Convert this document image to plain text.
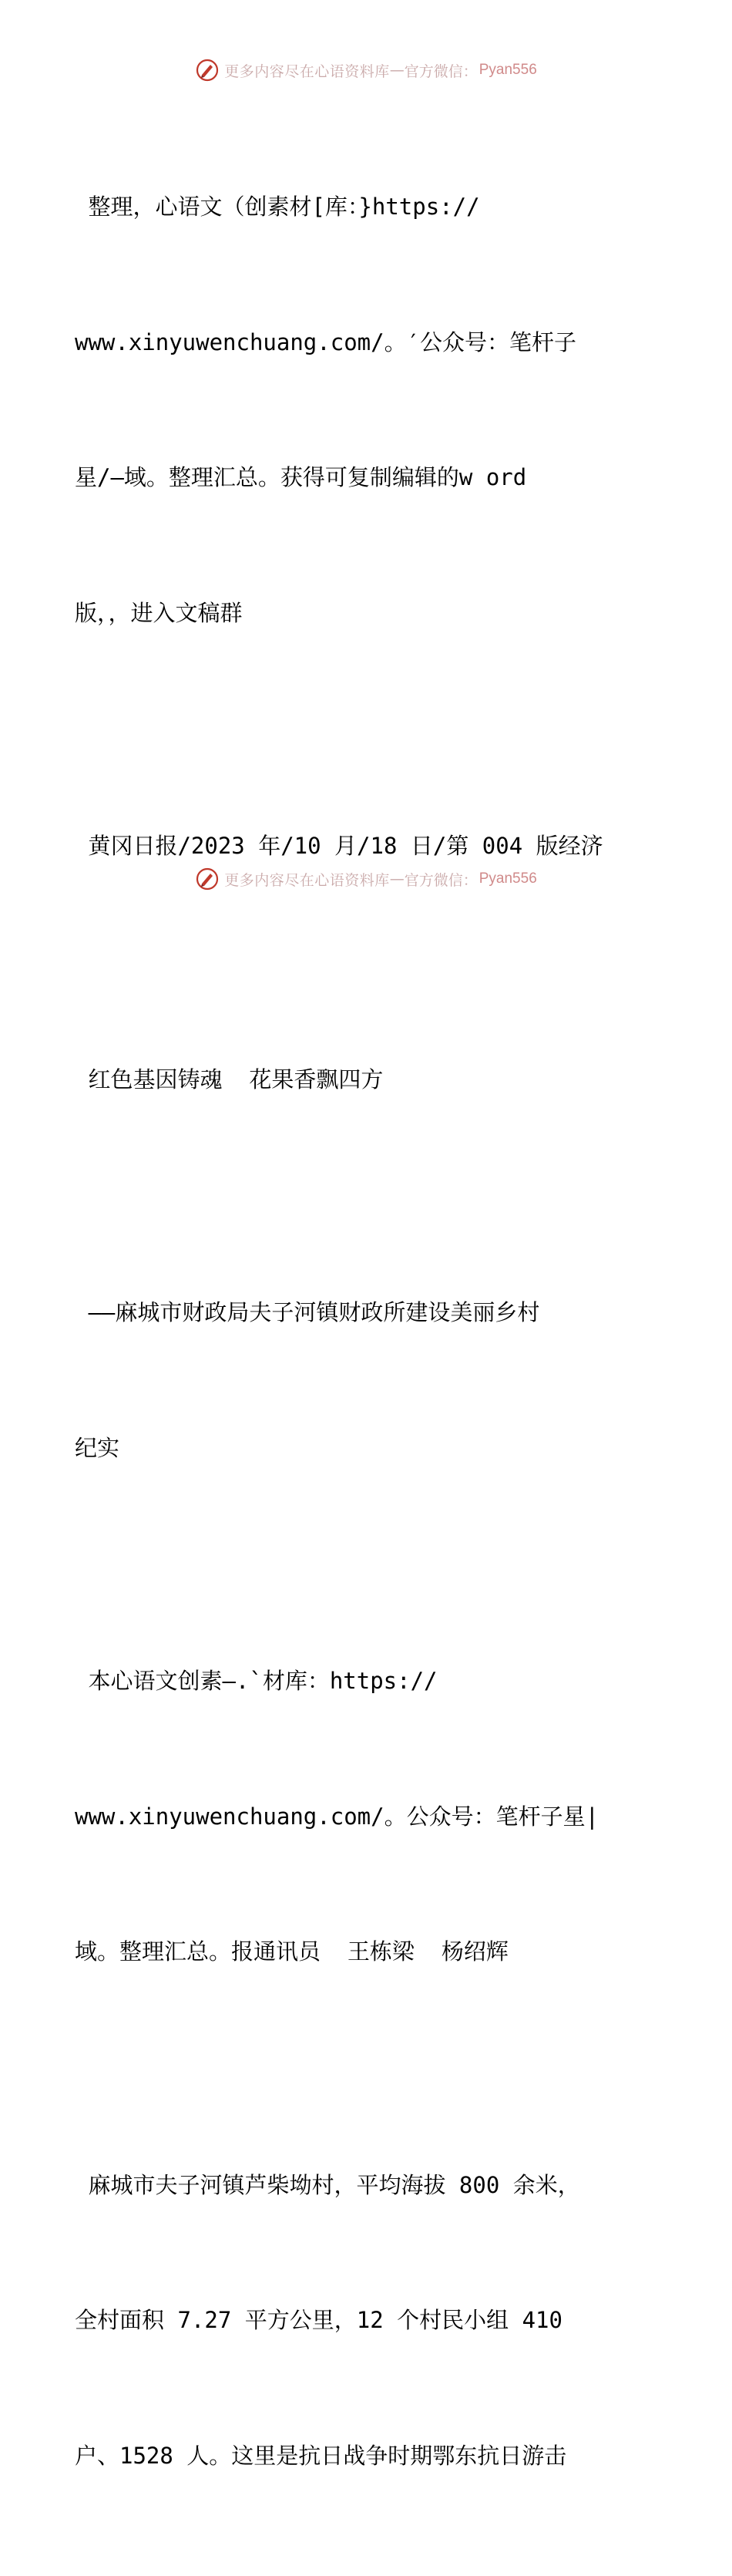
更多内容尽在心语资料库 — 官方微信： Pyan556

整理，心语文（创素材[库：}https://

www.xinyuwenchuang.com/。′公众号：笔杆子

星/—域。整理汇总。获得可复制编辑的w ord

版，，进入文稿群

黄冈日报/2023 年/10 月/18 日/第 004 版经济

红色基因铸魂  花果香飘四方

——麻城市财政局夫子河镇财政所建设美丽乡村

纪实

本心语文创素—.`材库：https://

www.xinyuwenchuang.com/。公众号：笔杆子星|

域。整理汇总。报通讯员  王栋梁  杨绍辉

麻城市夫子河镇芦柴坳村，平均海拔 800 余米，

全村面积 7.27 平方公里，12 个村民小组 410

户、1528 人。这里是抗日战争时期鄂东抗日游击

更多内容尽在心语资料库 — 官方微信： Pyan556
